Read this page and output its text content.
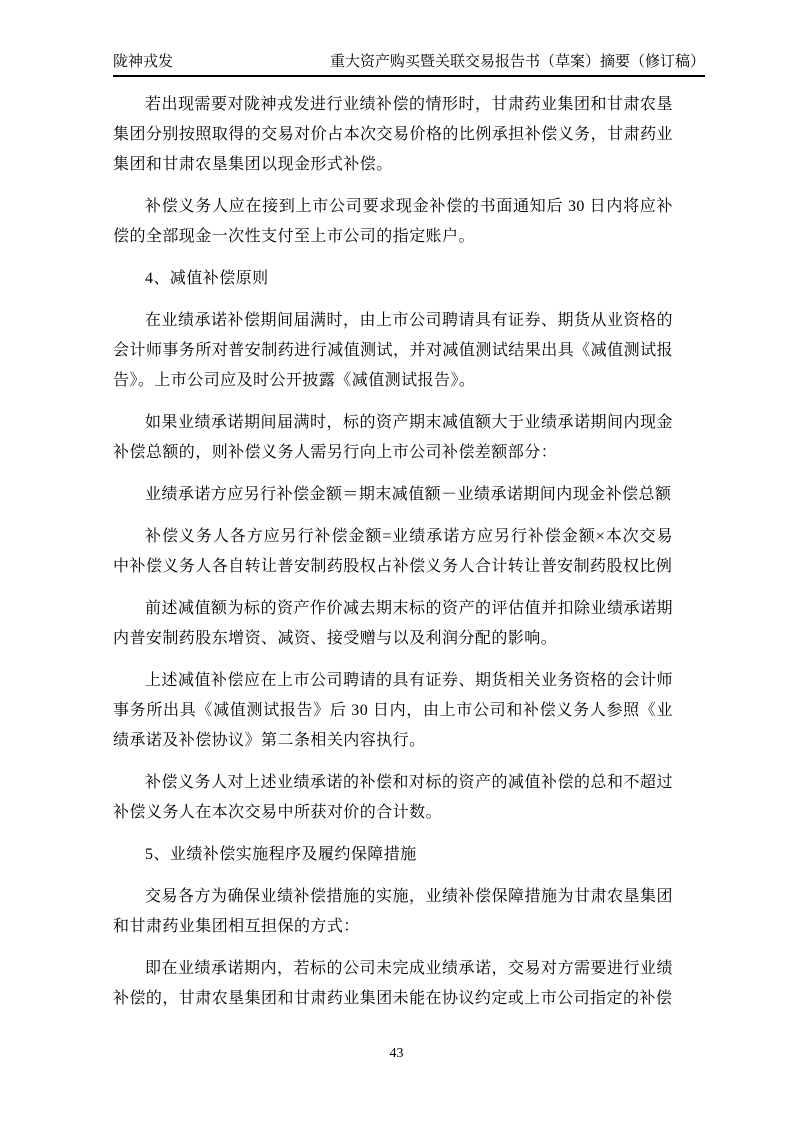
陇神戎发	重大资产购买暨关联交易报告书（草案）摘要（修订稿）

若出现需要对陇神戎发进行业绩补偿的情形时，甘肃药业集团和甘肃农垦集团分别按照取得的交易对价占本次交易价格的比例承担补偿义务，甘肃药业集团和甘肃农垦集团以现金形式补偿。

补偿义务人应在接到上市公司要求现金补偿的书面通知后 30 日内将应补偿的全部现金一次性支付至上市公司的指定账户。

4、减值补偿原则

在业绩承诺补偿期间届满时，由上市公司聘请具有证券、期货从业资格的会计师事务所对普安制药进行减值测试，并对减值测试结果出具《减值测试报告》。上市公司应及时公开披露《减值测试报告》。

如果业绩承诺期间届满时，标的资产期末减值额大于业绩承诺期间内现金补偿总额的，则补偿义务人需另行向上市公司补偿差额部分：

业绩承诺方应另行补偿金额＝期末减值额－业绩承诺期间内现金补偿总额

补偿义务人各方应另行补偿金额=业绩承诺方应另行补偿金额×本次交易中补偿义务人各自转让普安制药股权占补偿义务人合计转让普安制药股权比例

前述减值额为标的资产作价减去期末标的资产的评估值并扣除业绩承诺期内普安制药股东增资、减资、接受赠与以及利润分配的影响。

上述减值补偿应在上市公司聘请的具有证券、期货相关业务资格的会计师事务所出具《减值测试报告》后 30 日内，由上市公司和补偿义务人参照《业绩承诺及补偿协议》第二条相关内容执行。

补偿义务人对上述业绩承诺的补偿和对标的资产的减值补偿的总和不超过补偿义务人在本次交易中所获对价的合计数。

5、业绩补偿实施程序及履约保障措施

交易各方为确保业绩补偿措施的实施，业绩补偿保障措施为甘肃农垦集团和甘肃药业集团相互担保的方式：

即在业绩承诺期内，若标的公司未完成业绩承诺，交易对方需要进行业绩补偿的，甘肃农垦集团和甘肃药业集团未能在协议约定或上市公司指定的补偿

43
